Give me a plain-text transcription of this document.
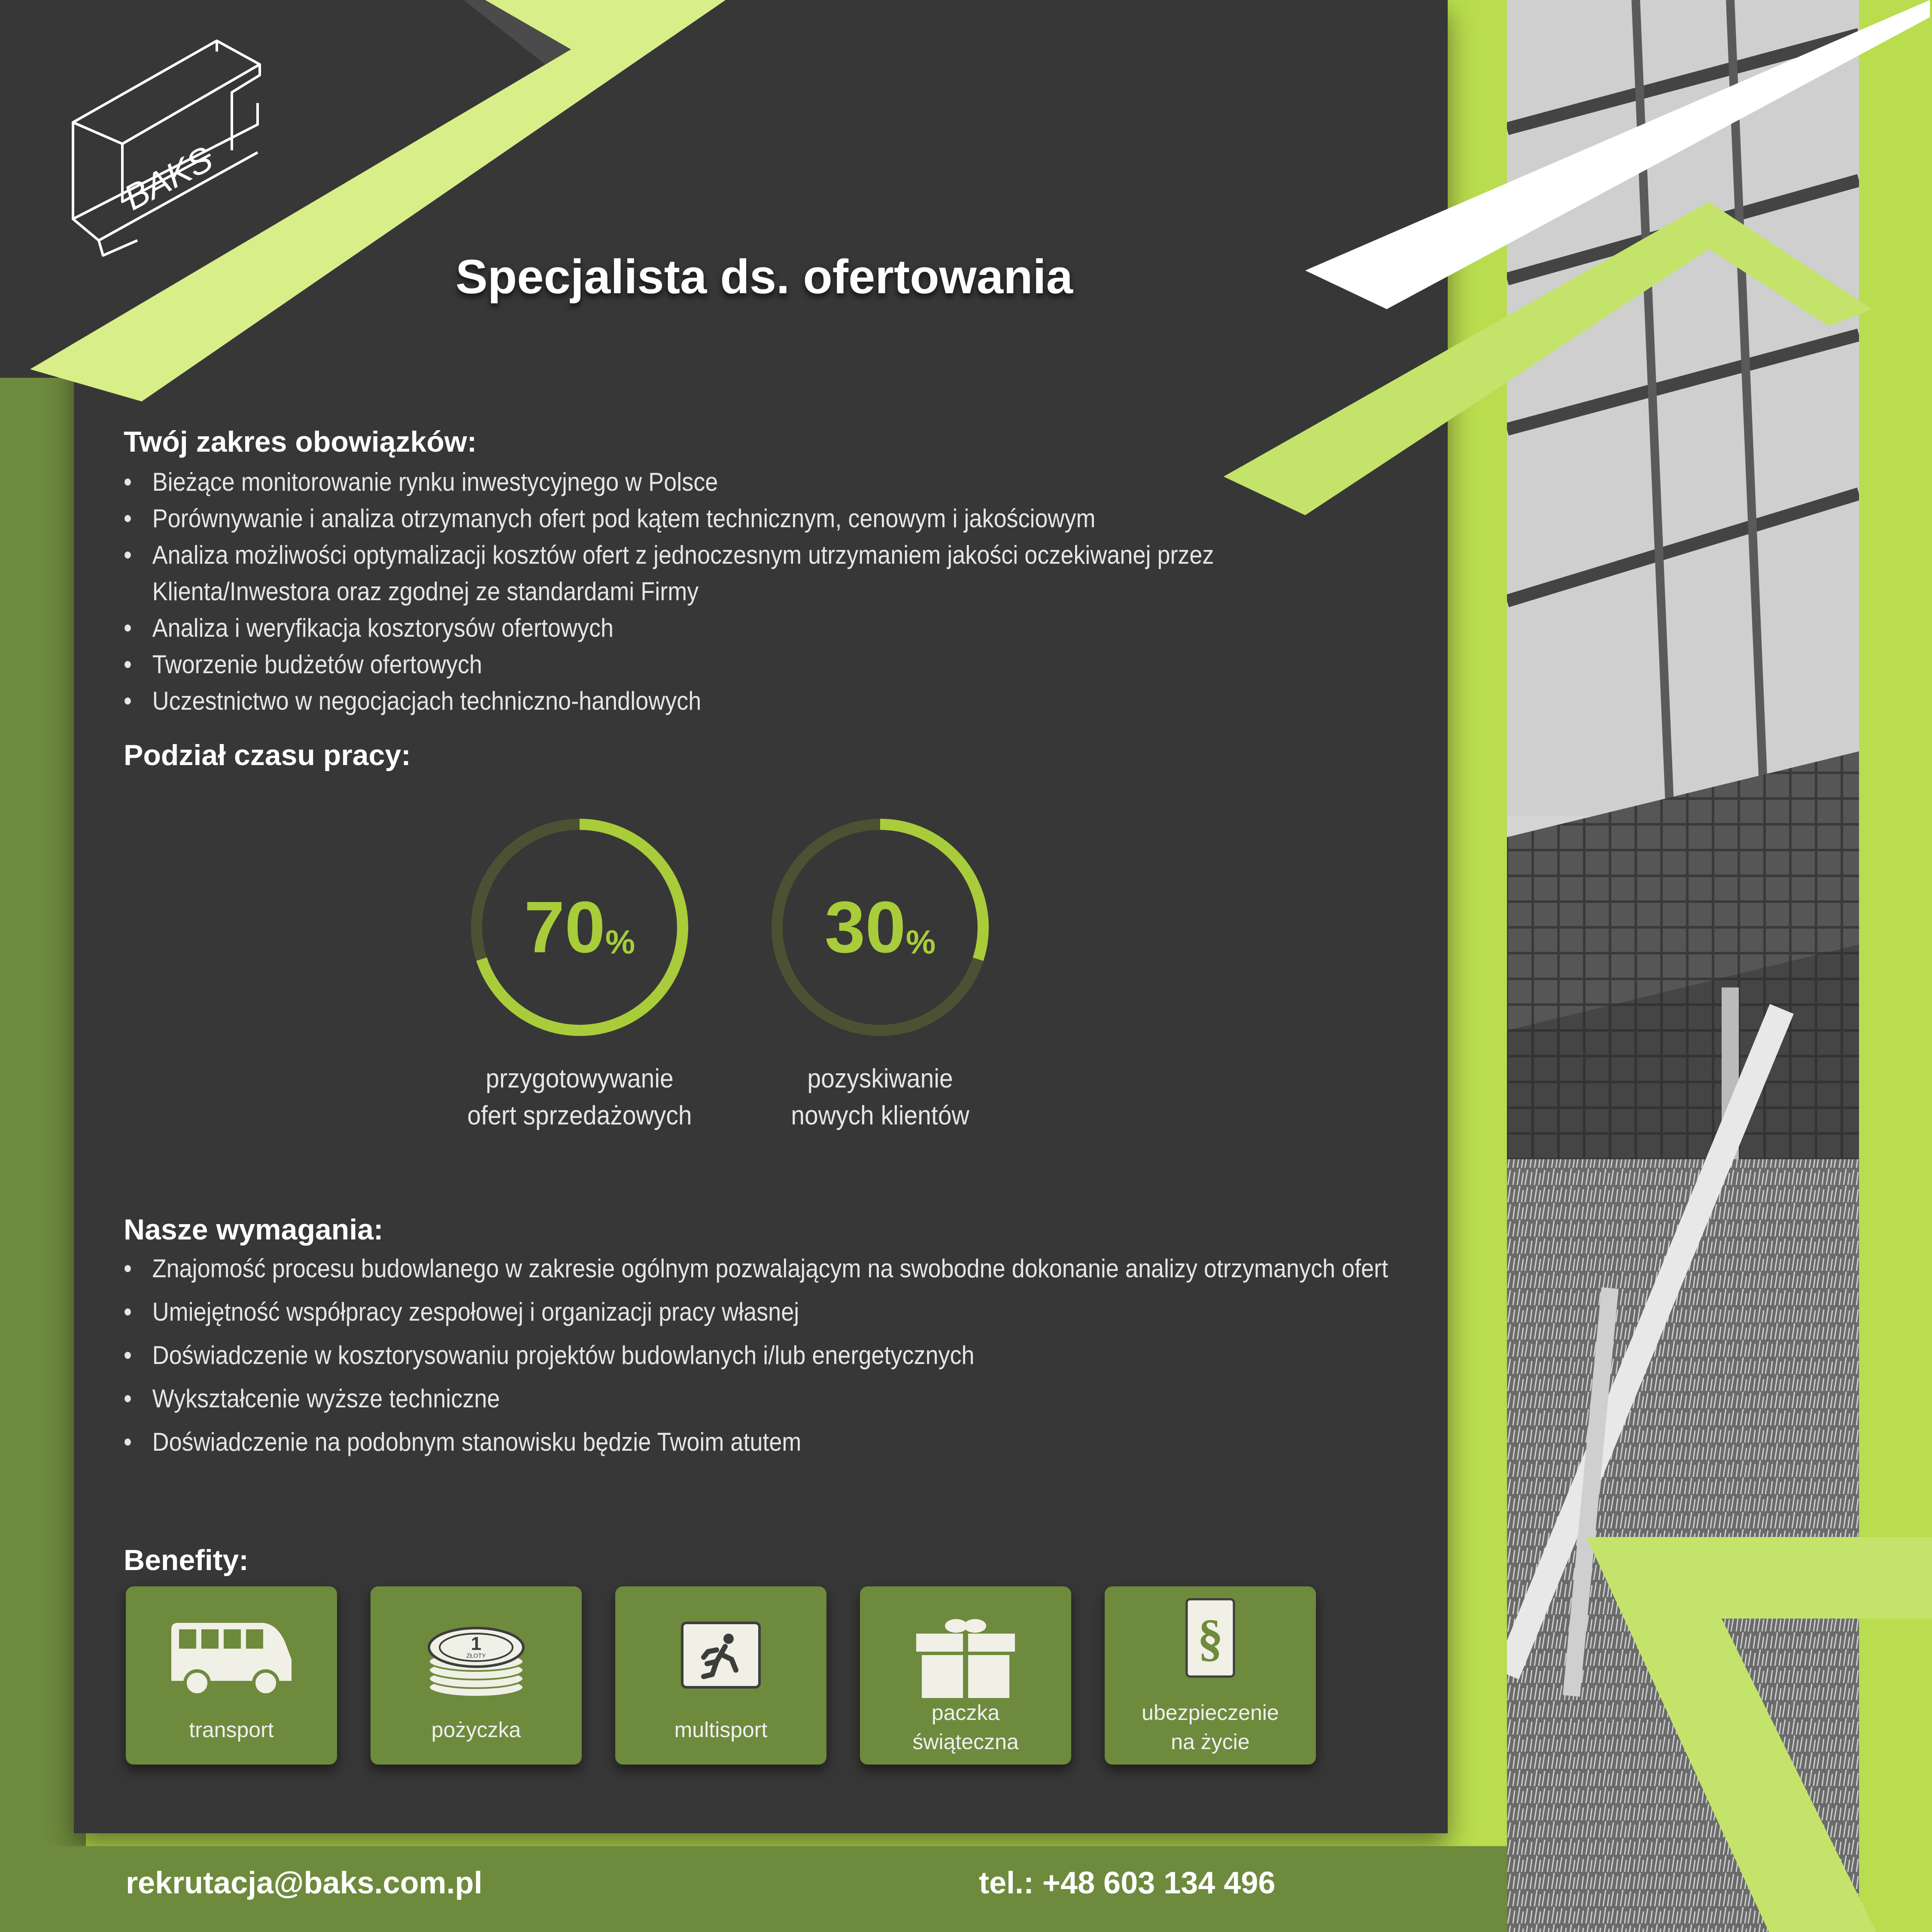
BAKS
Specjalista ds. ofertowania
Twój zakres obowiązków:
• Bieżące monitorowanie rynku inwestycyjnego w Polsce
• Porównywanie i analiza otrzymanych ofert pod kątem technicznym, cenowym i jakościowym
• Analiza możliwości optymalizacji kosztów ofert z jednoczesnym utrzymaniem jakości oczekiwanej przez Klienta/Inwestora oraz zgodnej ze standardami Firmy
• Analiza i weryfikacja kosztorysów ofertowych
• Tworzenie budżetów ofertowych
• Uczestnictwo w negocjacjach techniczno-handlowych
Podział czasu pracy:
70 %
przygotowywanie
ofert sprzedażowych
30 %
pozyskiwanie
nowych klientów
Nasze wymagania:
• Znajomość procesu budowlanego w zakresie ogólnym pozwalającym na swobodne dokonanie analizy otrzymanych ofert
• Umiejętność współpracy zespołowej i organizacji pracy własnej
• Doświadczenie w kosztorysowaniu projektów budowlanych i/lub energetycznych
• Wykształcenie wyższe techniczne
• Doświadczenie na podobnym stanowisku będzie Twoim atutem
Benefity:
transport
1
ZŁOTY
pożyczka	multisport
paczka
świąteczna
§
ubezpieczenie
na życie
rekrutacja@baks.com.pl	tel.: +48 603 134 496
